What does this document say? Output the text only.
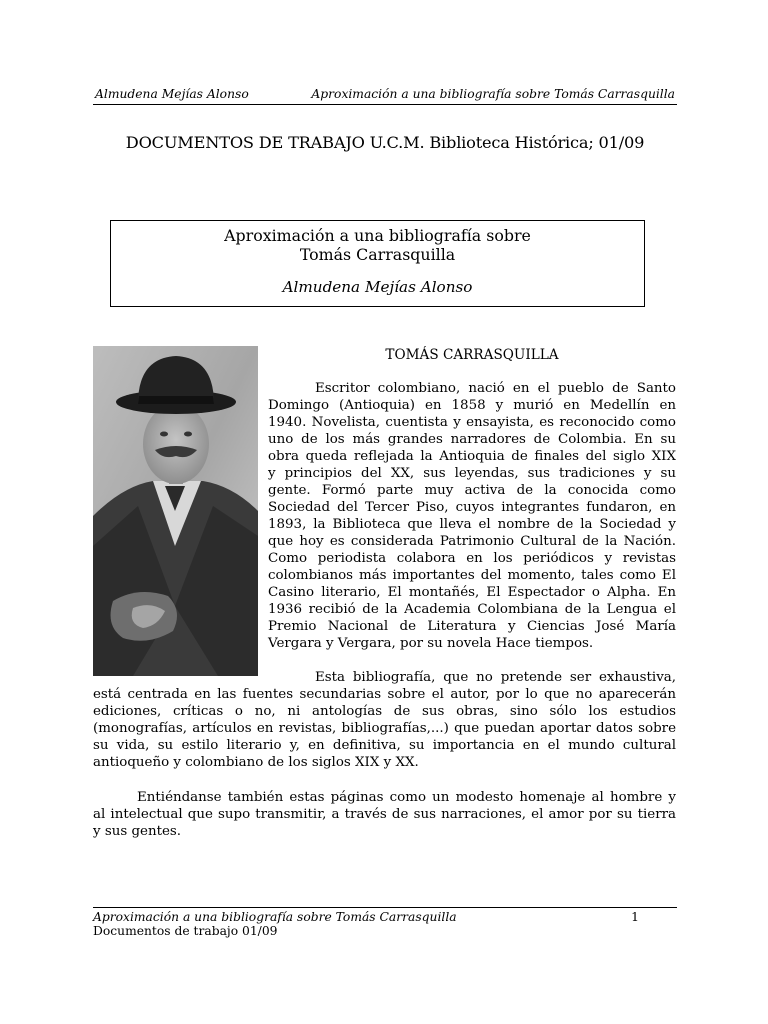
Almudena Mejías Alonso	Aproximación a una bibliografía sobre Tomás Carrasquilla
DOCUMENTOS DE TRABAJO U.C.M. Biblioteca Histórica; 01/09
Aproximación a una bibliografía sobre
Tomás Carrasquilla
Almudena Mejías Alonso
TOMÁS CARRASQUILLA
Escritor colombiano, nació en el pueblo de Santo
Domingo (Antioquia) en 1858 y murió en Medellín en
1940. Novelista, cuentista y ensayista, es reconocido como
uno de los más grandes narradores de Colombia. En su
obra queda reflejada la Antioquia de finales del siglo XIX
y principios del XX, sus leyendas, sus tradiciones y su
gente. Formó parte muy activa de la conocida como
Sociedad del Tercer Piso, cuyos integrantes fundaron, en
1893, la Biblioteca que lleva el nombre de la Sociedad y
que hoy es considerada Patrimonio Cultural de la Nación.
Como periodista colabora en los periódicos y revistas
colombianos más importantes del momento, tales como El
Casino literario, El montañés, El Espectador o Alpha. En
1936 recibió de la Academia Colombiana de la Lengua el
Premio Nacional de Literatura y Ciencias José María
Vergara y Vergara, por su novela Hace tiempos.
Esta bibliografía, que no pretende ser exhaustiva,
está centrada en las fuentes secundarias sobre el autor, por lo que no aparecerán
ediciones, críticas o no, ni antologías de sus obras, sino sólo los estudios
(monografías, artículos en revistas, bibliografías,...) que puedan aportar datos sobre
su vida, su estilo literario y, en definitiva, su importancia en el mundo cultural
antioqueño y colombiano de los siglos XIX y XX.
Entiéndanse también estas páginas como un modesto homenaje al hombre y
al intelectual que supo transmitir, a través de sus narraciones, el amor por su tierra
y sus gentes.
Aproximación a una bibliografía sobre Tomás Carrasquilla	1
Documentos de trabajo 01/09
